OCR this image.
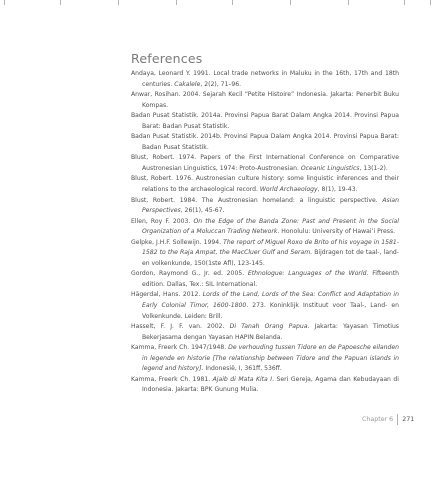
References

Andaya, Leonard Y. 1991. Local trade networks in Maluku in the 16th, 17th and 18th centuries. Cakalele, 2(2), 71–96.

Anwar, Rosihan. 2004. Sejarah Kecil “Petite Histoire” Indonesia. Jakarta: Penerbit Buku Kompas.

Badan Pusat Statistik. 2014a. Provinsi Papua Barat Dalam Angka 2014. Provinsi Papua Barat: Badan Pusat Statistik.

Badan Pusat Statistik. 2014b. Provinsi Papua Dalam Angka 2014. Provinsi Papua Barat: Badan Pusat Statistik.

Blust, Robert. 1974. Papers of the First International Conference on Comparative Austronesian Linguistics, 1974: Proto-Austronesian. Oceanic Linguistics, 13(1-2).

Blust, Robert. 1976. Austronesian culture history: some linguistic inferences and their relations to the archaeological record. World Archaeology, 8(1), 19-43.

Blust, Robert. 1984. The Austronesian homeland: a linguistic perspective. Asian Perspectives, 26(1), 45-67.

Ellen, Roy F. 2003. On the Edge of the Banda Zone: Past and Present in the Social Organization of a Moluccan Trading Network. Honolulu: University of Hawai’i Press.

Gelpke, J.H.F. Sollewijn. 1994. The report of Miguel Roxo de Brito of his voyage in 1581-1582 to the Raja Ampat, the MacCluer Gulf and Seram. Bijdragen tot de taal-, land-en volkenkunde, 150(1ste Afl), 123-145.

Gordon, Raymond G., Jr. ed. 2005. Ethnologue: Languages of the World. Fifteenth edition. Dallas, Tex.: SIL International.

Hägerdal, Hans. 2012. Lords of the Land, Lords of the Sea: Conflict and Adaptation in Early Colonial Timor, 1600-1800. 273. Koninklijk Instituut voor Taal-, Land- en Volkenkunde. Leiden: Brill.

Hasselt, F. J. F. van. 2002. Di Tanah Orang Papua. Jakarta: Yayasan Timotius Bekerjasama dengan Yayasan HAPIN Belanda.

Kamma, Freerk Ch. 1947/1948. De verhouding tussen Tidore en de Papoesche eilanden in legende en historie [The relationship between Tidore and the Papuan islands in legend and history]. Indonesië, I, 361ff, 536ff.

Kamma, Freerk Ch. 1981. Ajaib di Mata Kita I. Seri Gereja, Agama dan Kebudayaan di Indonesia. Jakarta: BPK Gunung Mulia.

Chapter 6 271
